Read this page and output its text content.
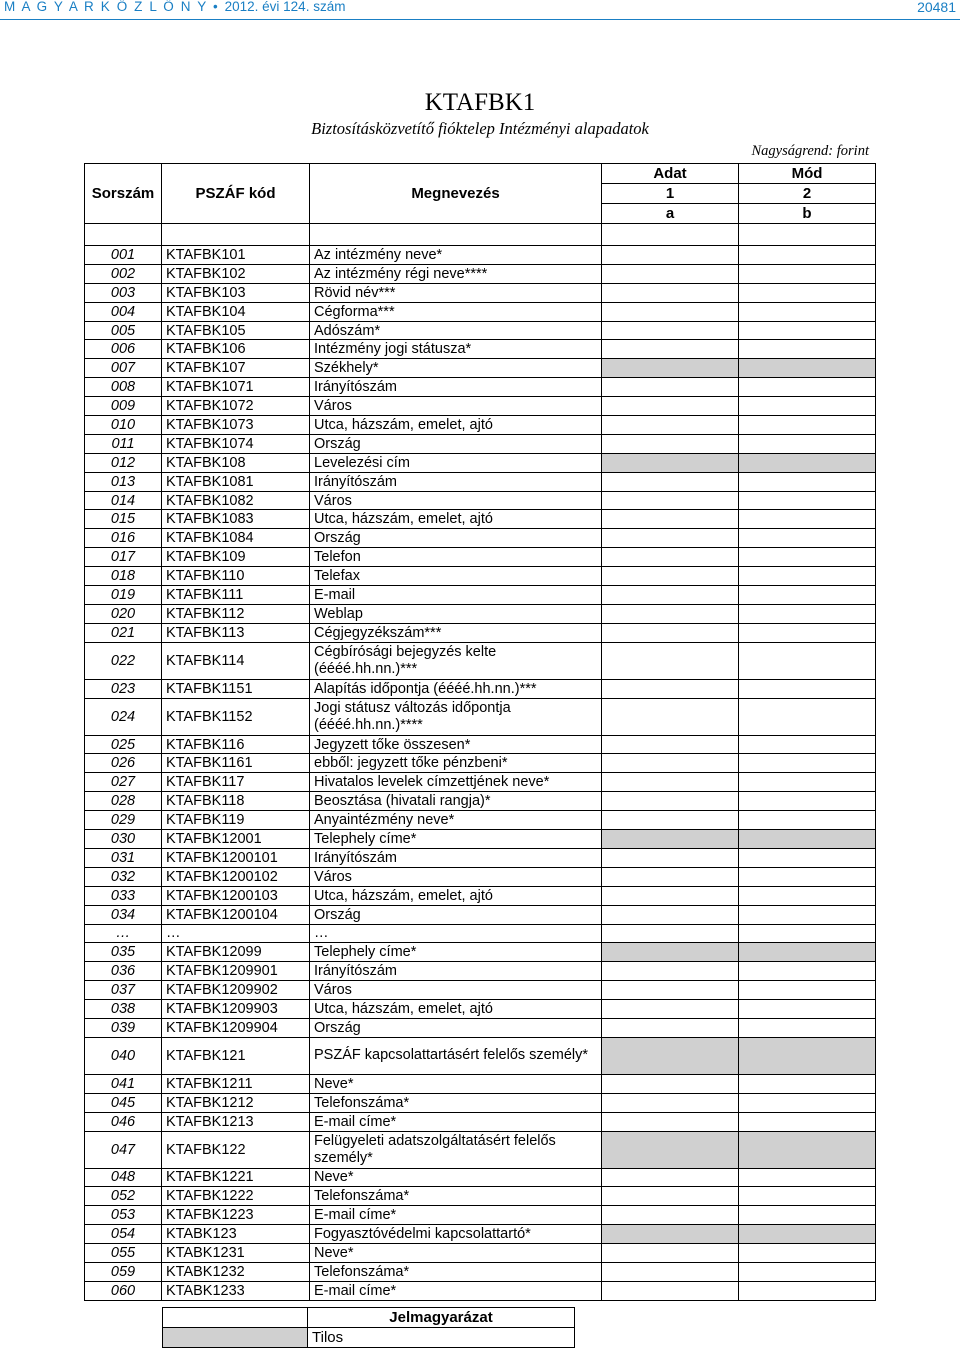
M A G Y A R K Ö Z L Ö N Y • 2012. évi 124. szám	20481
KTAFBK1
Biztosításközvetítő fióktelep Intézményi alapadatok
Nagyságrend: forint
Sorszám	PSZÁF kód	Megnevezés	Adat	Mód
			1	2
			a	b

001	KTAFBK101	Az intézmény neve*		
002	KTAFBK102	Az intézmény régi neve****		
003	KTAFBK103	Rövid név***		
004	KTAFBK104	Cégforma***		
005	KTAFBK105	Adószám*		
006	KTAFBK106	Intézmény jogi státusza*		
007	KTAFBK107	Székhely*		
008	KTAFBK1071	Irányítószám		
009	KTAFBK1072	Város		
010	KTAFBK1073	Utca, házszám, emelet, ajtó		
011	KTAFBK1074	Ország		
012	KTAFBK108	Levelezési cím		
013	KTAFBK1081	Irányítószám		
014	KTAFBK1082	Város		
015	KTAFBK1083	Utca, házszám, emelet, ajtó		
016	KTAFBK1084	Ország		
017	KTAFBK109	Telefon		
018	KTAFBK110	Telefax		
019	KTAFBK111	E-mail		
020	KTAFBK112	Weblap		
021	KTAFBK113	Cégjegyzékszám***		
022	KTAFBK114	Cégbírósági bejegyzés kelte (éééé.hh.nn.)***		
023	KTAFBK1151	Alapítás időpontja (éééé.hh.nn.)***		
024	KTAFBK1152	Jogi státusz változás időpontja (éééé.hh.nn.)****		
025	KTAFBK116	Jegyzett tőke összesen*		
026	KTAFBK1161	ebből: jegyzett tőke pénzbeni*		
027	KTAFBK117	Hivatalos levelek címzettjének neve*		
028	KTAFBK118	Beosztása (hivatali rangja)*		
029	KTAFBK119	Anyaintézmény neve*		
030	KTAFBK12001	Telephely címe*		
031	KTAFBK1200101	Irányítószám		
032	KTAFBK1200102	Város		
033	KTAFBK1200103	Utca, házszám, emelet, ajtó		
034	KTAFBK1200104	Ország		
…	…	…		
035	KTAFBK12099	Telephely címe*		
036	KTAFBK1209901	Irányítószám		
037	KTAFBK1209902	Város		
038	KTAFBK1209903	Utca, házszám, emelet, ajtó		
039	KTAFBK1209904	Ország		
040	KTAFBK121	PSZÁF kapcsolattartásért felelős személy*		
041	KTAFBK1211	Neve*		
045	KTAFBK1212	Telefonszáma*		
046	KTAFBK1213	E-mail címe*		
047	KTAFBK122	Felügyeleti adatszolgáltatásért felelős személy*		
048	KTAFBK1221	Neve*		
052	KTAFBK1222	Telefonszáma*		
053	KTAFBK1223	E-mail címe*		
054	KTABK123	Fogyasztóvédelmi kapcsolattartó*		
055	KTABK1231	Neve*		
059	KTABK1232	Telefonszáma*		
060	KTABK1233	E-mail címe*		
	Jelmagyarázat
	Tilos
